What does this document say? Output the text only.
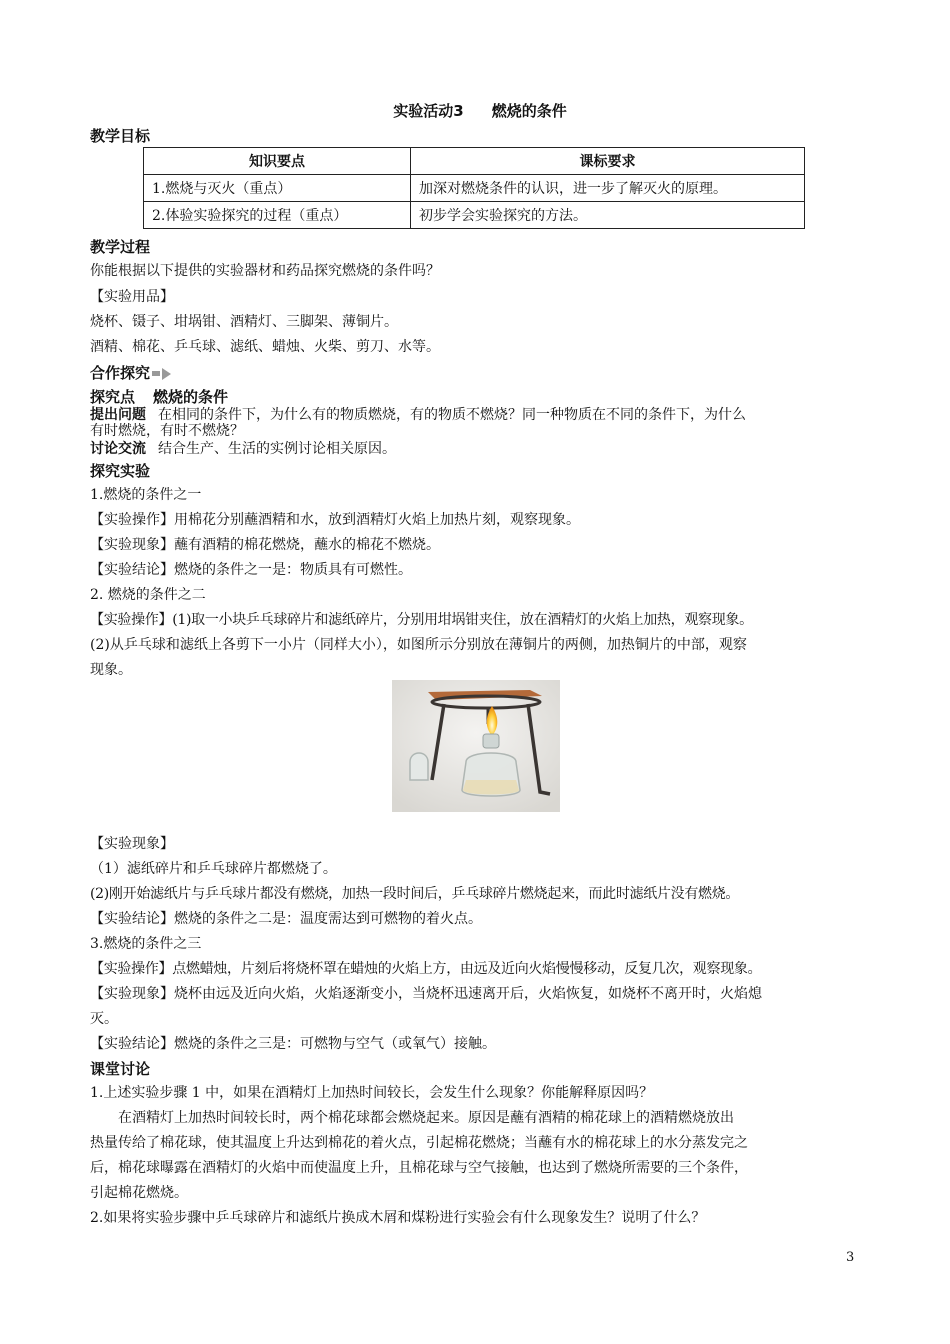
实验活动3 燃烧的条件
教学目标
知识要点	课标要求
1.燃烧与灭火（重点）	加深对燃烧条件的认识，进一步了解灭火的原理。
2.体验实验探究的过程（重点）	初步学会实验探究的方法。
教学过程
你能根据以下提供的实验器材和药品探究燃烧的条件吗？
【实验用品】
烧杯、镊子、坩埚钳、酒精灯、三脚架、薄铜片。
酒精、棉花、乒乓球、滤纸、蜡烛、火柴、剪刀、水等。
合作探究
探究点 燃烧的条件
提出问题 在相同的条件下，为什么有的物质燃烧，有的物质不燃烧？同一种物质在不同的条件下，为什么
有时燃烧，有时不燃烧？
讨论交流 结合生产、生活的实例讨论相关原因。
探究实验
1.燃烧的条件之一
【实验操作】用棉花分别蘸酒精和水，放到酒精灯火焰上加热片刻，观察现象。
【实验现象】蘸有酒精的棉花燃烧，蘸水的棉花不燃烧。
【实验结论】燃烧的条件之一是：物质具有可燃性。
2. 燃烧的条件之二
【实验操作】(1)取一小块乒乓球碎片和滤纸碎片，分别用坩埚钳夹住，放在酒精灯的火焰上加热，观察现象。
(2)从乒乓球和滤纸上各剪下一小片（同样大小），如图所示分别放在薄铜片的两侧，加热铜片的中部，观察
现象。
【实验现象】
（1）滤纸碎片和乒乓球碎片都燃烧了。
(2)刚开始滤纸片与乒乓球片都没有燃烧，加热一段时间后，乒乓球碎片燃烧起来，而此时滤纸片没有燃烧。
【实验结论】燃烧的条件之二是：温度需达到可燃物的着火点。
3.燃烧的条件之三
【实验操作】点燃蜡烛，片刻后将烧杯罩在蜡烛的火焰上方，由远及近向火焰慢慢移动，反复几次，观察现象。
【实验现象】烧杯由远及近向火焰，火焰逐渐变小，当烧杯迅速离开后，火焰恢复，如烧杯不离开时，火焰熄
灭。
【实验结论】燃烧的条件之三是：可燃物与空气（或氧气）接触。
课堂讨论
1.上述实验步骤 1 中，如果在酒精灯上加热时间较长，会发生什么现象？你能解释原因吗？
在酒精灯上加热时间较长时，两个棉花球都会燃烧起来。原因是蘸有酒精的棉花球上的酒精燃烧放出
热量传给了棉花球，使其温度上升达到棉花的着火点，引起棉花燃烧；当蘸有水的棉花球上的水分蒸发完之
后，棉花球曝露在酒精灯的火焰中而使温度上升，且棉花球与空气接触，也达到了燃烧所需要的三个条件，
引起棉花燃烧。
2.如果将实验步骤中乒乓球碎片和滤纸片换成木屑和煤粉进行实验会有什么现象发生？说明了什么？
3
